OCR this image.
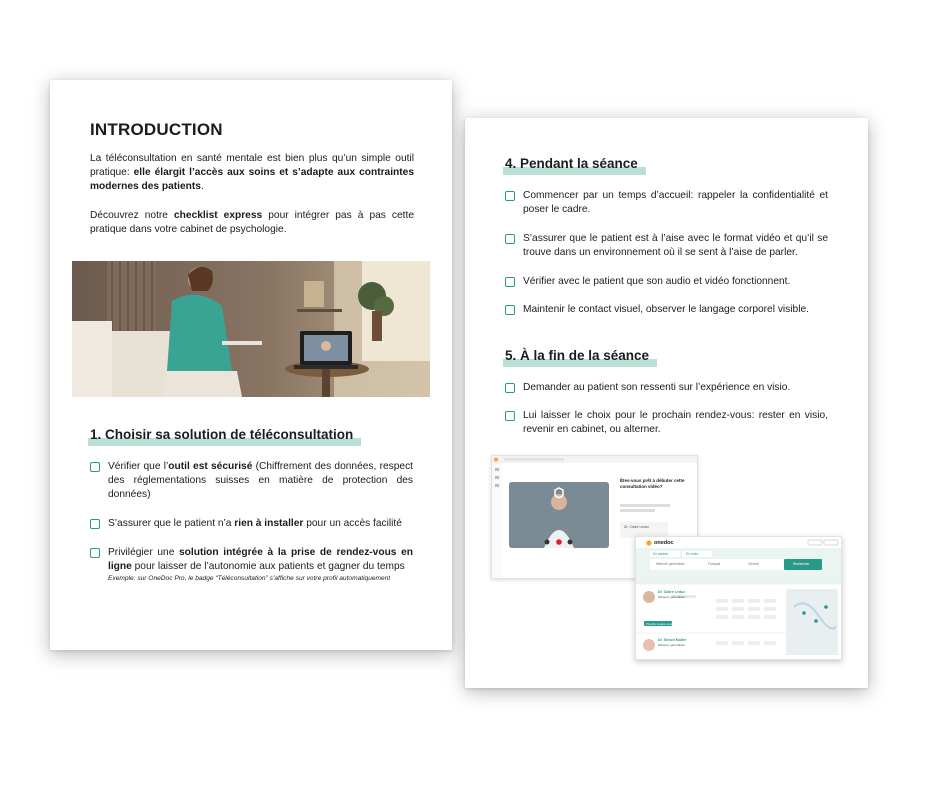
INTRODUCTION

La téléconsultation en santé mentale est bien plus qu’un simple outil pratique: elle élargit l’accès aux soins et s’adapte aux contraintes modernes des patients.

Découvrez notre checklist express pour intégrer pas à pas cette pratique dans votre cabinet de psychologie.

1. Choisir sa solution de téléconsultation
Vérifier que l’outil est sécurisé (Chiffrement des données, respect des réglementations suisses en matière de protection des données)
S’assurer que le patient n’a rien à installer pour un accès facilité
Privilégier une solution intégrée à la prise de rendez-vous en ligne pour laisser de l’autonomie aux patients et gagner du temps
Exemple: sur OneDoc Pro, le badge “Téléconsultation” s’affiche sur votre profil automatiquement
4. Pendant la séance
Commencer par un temps d’accueil: rappeler la confidentialité et poser le cadre.
S’assurer que le patient est à l’aise avec le format vidéo et qu’il se trouve dans un environnement où il se sent à l’aise de parler.
Vérifier avec le patient que son audio et vidéo fonctionnent.
Maintenir le contact visuel, observer le langage corporel visible.
5. À la fin de la séance
Demander au patient son ressenti sur l’expérience en visio.
Lui laisser le choix pour le prochain rendez-vous: rester en visio, revenir en cabinet, ou alterner.
Êtes-vous prêt à débuter cette consultation vidéo?
Dr. Claire Leduc
onedoc
En cabinet	En vidéo
Médecin généraliste	Français	Genève	Rechercher
Dr. Claire Leduc
Médecin généraliste
Prendre rendez-vous
Dr. Simon Muller
Médecin généraliste
